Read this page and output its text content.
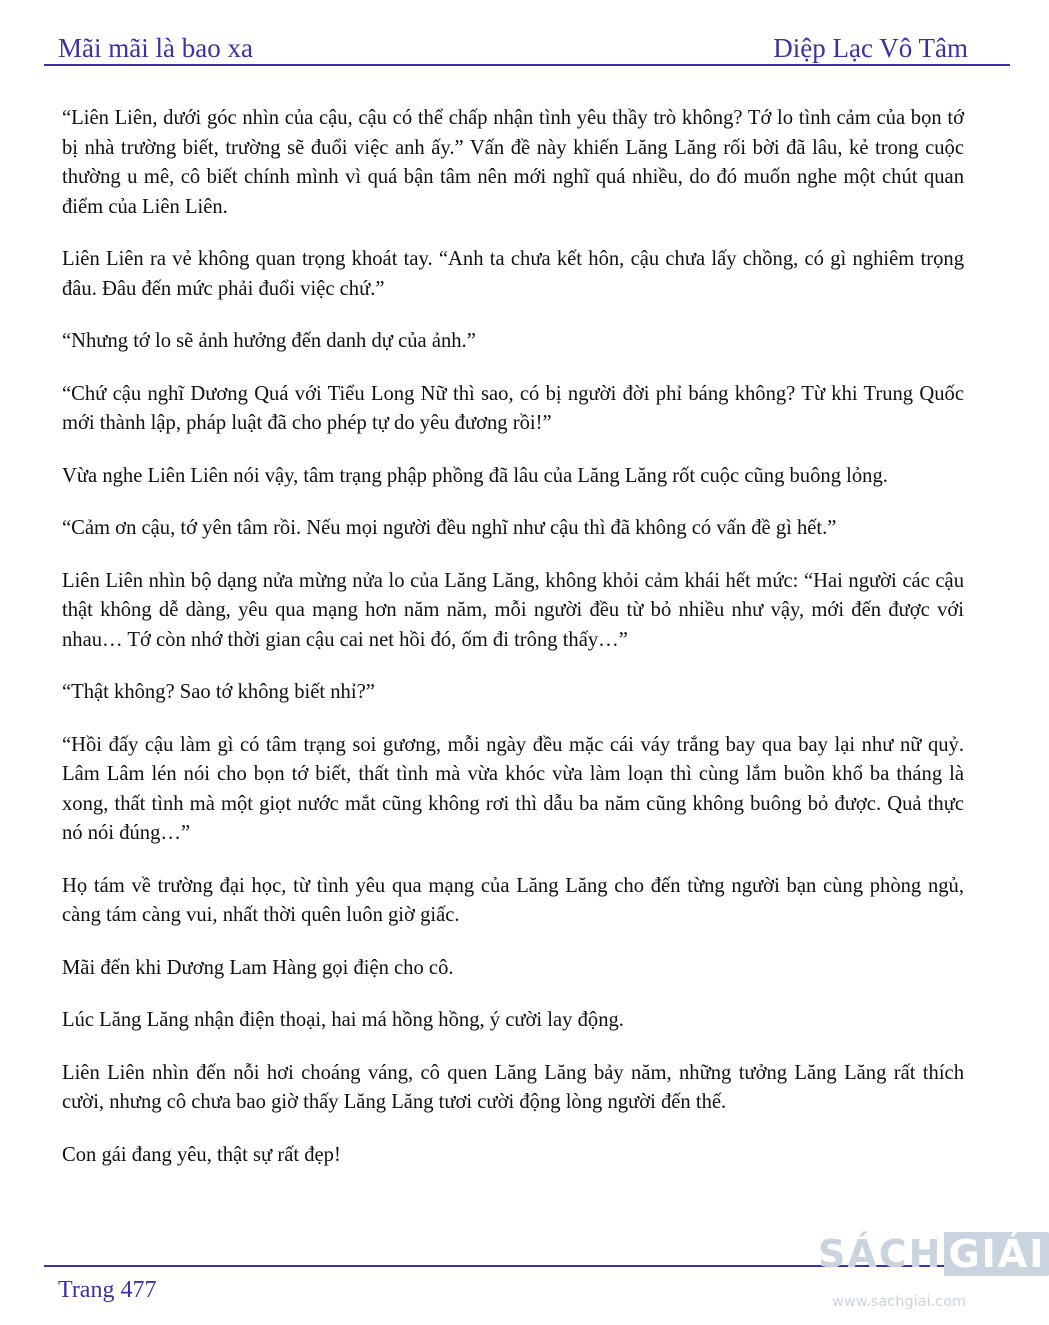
Mãi mãi là bao xa	Diệp Lạc Vô Tâm

“Liên Liên, dưới góc nhìn của cậu, cậu có thể chấp nhận tình yêu thầy trò không? Tớ lo tình cảm của bọn tớ bị nhà trường biết, trường sẽ đuổi việc anh ấy.” Vấn đề này khiến Lăng Lăng rối bời đã lâu, kẻ trong cuộc thường u mê, cô biết chính mình vì quá bận tâm nên mới nghĩ quá nhiều, do đó muốn nghe một chút quan điểm của Liên Liên.

Liên Liên ra vẻ không quan trọng khoát tay. “Anh ta chưa kết hôn, cậu chưa lấy chồng, có gì nghiêm trọng đâu. Đâu đến mức phải đuổi việc chứ.”

“Nhưng tớ lo sẽ ảnh hưởng đến danh dự của ảnh.”

“Chứ cậu nghĩ Dương Quá với Tiểu Long Nữ thì sao, có bị người đời phỉ báng không? Từ khi Trung Quốc mới thành lập, pháp luật đã cho phép tự do yêu đương rồi!”

Vừa nghe Liên Liên nói vậy, tâm trạng phập phồng đã lâu của Lăng Lăng rốt cuộc cũng buông lỏng.

“Cảm ơn cậu, tớ yên tâm rồi. Nếu mọi người đều nghĩ như cậu thì đã không có vấn đề gì hết.”

Liên Liên nhìn bộ dạng nửa mừng nửa lo của Lăng Lăng, không khỏi cảm khái hết mức: “Hai người các cậu thật không dễ dàng, yêu qua mạng hơn năm năm, mỗi người đều từ bỏ nhiều như vậy, mới đến được với nhau… Tớ còn nhớ thời gian cậu cai net hồi đó, ốm đi trông thấy…”

“Thật không? Sao tớ không biết nhỉ?”

“Hồi đấy cậu làm gì có tâm trạng soi gương, mỗi ngày đều mặc cái váy trắng bay qua bay lại như nữ quỷ. Lâm Lâm lén nói cho bọn tớ biết, thất tình mà vừa khóc vừa làm loạn thì cùng lắm buồn khổ ba tháng là xong, thất tình mà một giọt nước mắt cũng không rơi thì dẫu ba năm cũng không buông bỏ được. Quả thực nó nói đúng…”

Họ tám về trường đại học, từ tình yêu qua mạng của Lăng Lăng cho đến từng người bạn cùng phòng ngủ, càng tám càng vui, nhất thời quên luôn giờ giấc.

Mãi đến khi Dương Lam Hàng gọi điện cho cô.

Lúc Lăng Lăng nhận điện thoại, hai má hồng hồng, ý cười lay động.

Liên Liên nhìn đến nỗi hơi choáng váng, cô quen Lăng Lăng bảy năm, những tưởng Lăng Lăng rất thích cười, nhưng cô chưa bao giờ thấy Lăng Lăng tươi cười động lòng người đến thế.

Con gái đang yêu, thật sự rất đẹp!

Trang 477
SÁCH GIẢI
www.sachgiai.com
